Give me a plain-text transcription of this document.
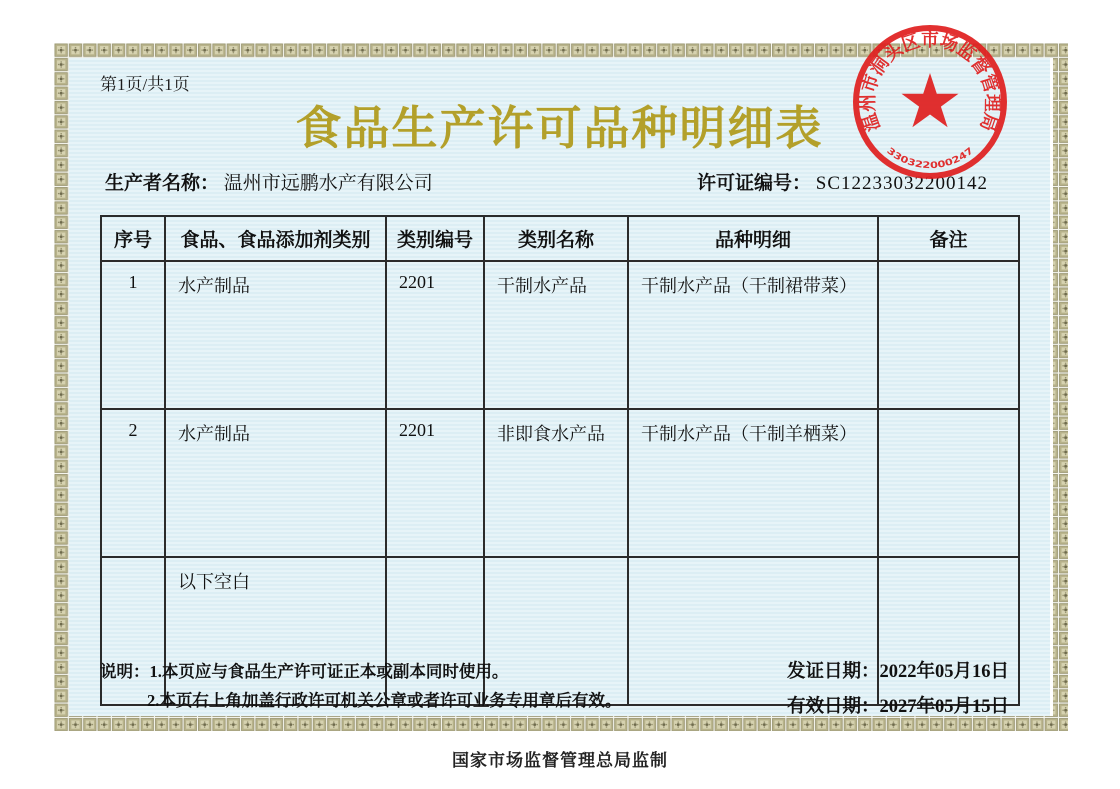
第1页/共1页
食品生产许可品种明细表
生产者名称： 温州市远鹏水产有限公司	许可证编号： SC12233032200142
序号	食品、食品添加剂类别	类别编号	类别名称	品种明细	备注
1	水产制品	2201	干制水产品	干制水产品（干制裙带菜）	
2	水产制品	2201	非即食水产品	干制水产品（干制羊栖菜）	
	以下空白				
说明：1.本页应与食品生产许可证正本或副本同时使用。
2.本页右上角加盖行政许可机关公章或者许可业务专用章后有效。
发证日期：2022年05月16日
有效日期：2027年05月15日
温州市洞头区市场监督管理局
330322000247
国家市场监督管理总局监制
